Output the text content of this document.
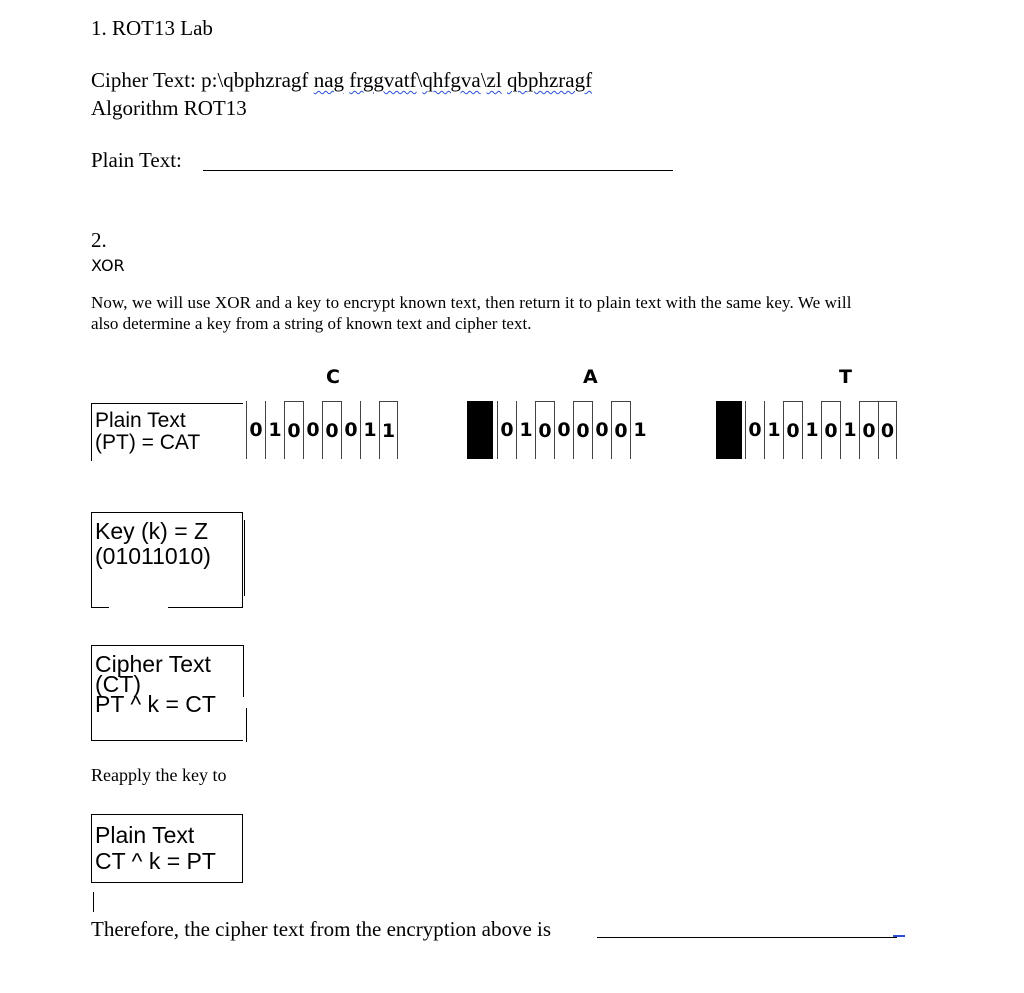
1. ROT13 Lab
Cipher Text: p:\qbphzragf nag frggvatf\qhfgva\zl qbphzragf
Algorithm ROT13
Plain Text:
2.
XOR
Now, we will use XOR and a key to encrypt known text, then return it to plain text with the same key. We will
also determine a key from a string of known text and cipher text.
C	A	T
Plain Text
(PT) = CAT
0 1 0 0 0 0 1 1	0 1 0 0 0 0 0 1	0 1 0 1 0 1 0 0
Key (k) = Z
(01011010)
Cipher Text
(CT)
PT ^ k = CT
Reapply the key to
Plain Text
CT ^ k = PT
Therefore, the cipher text from the encryption above is
